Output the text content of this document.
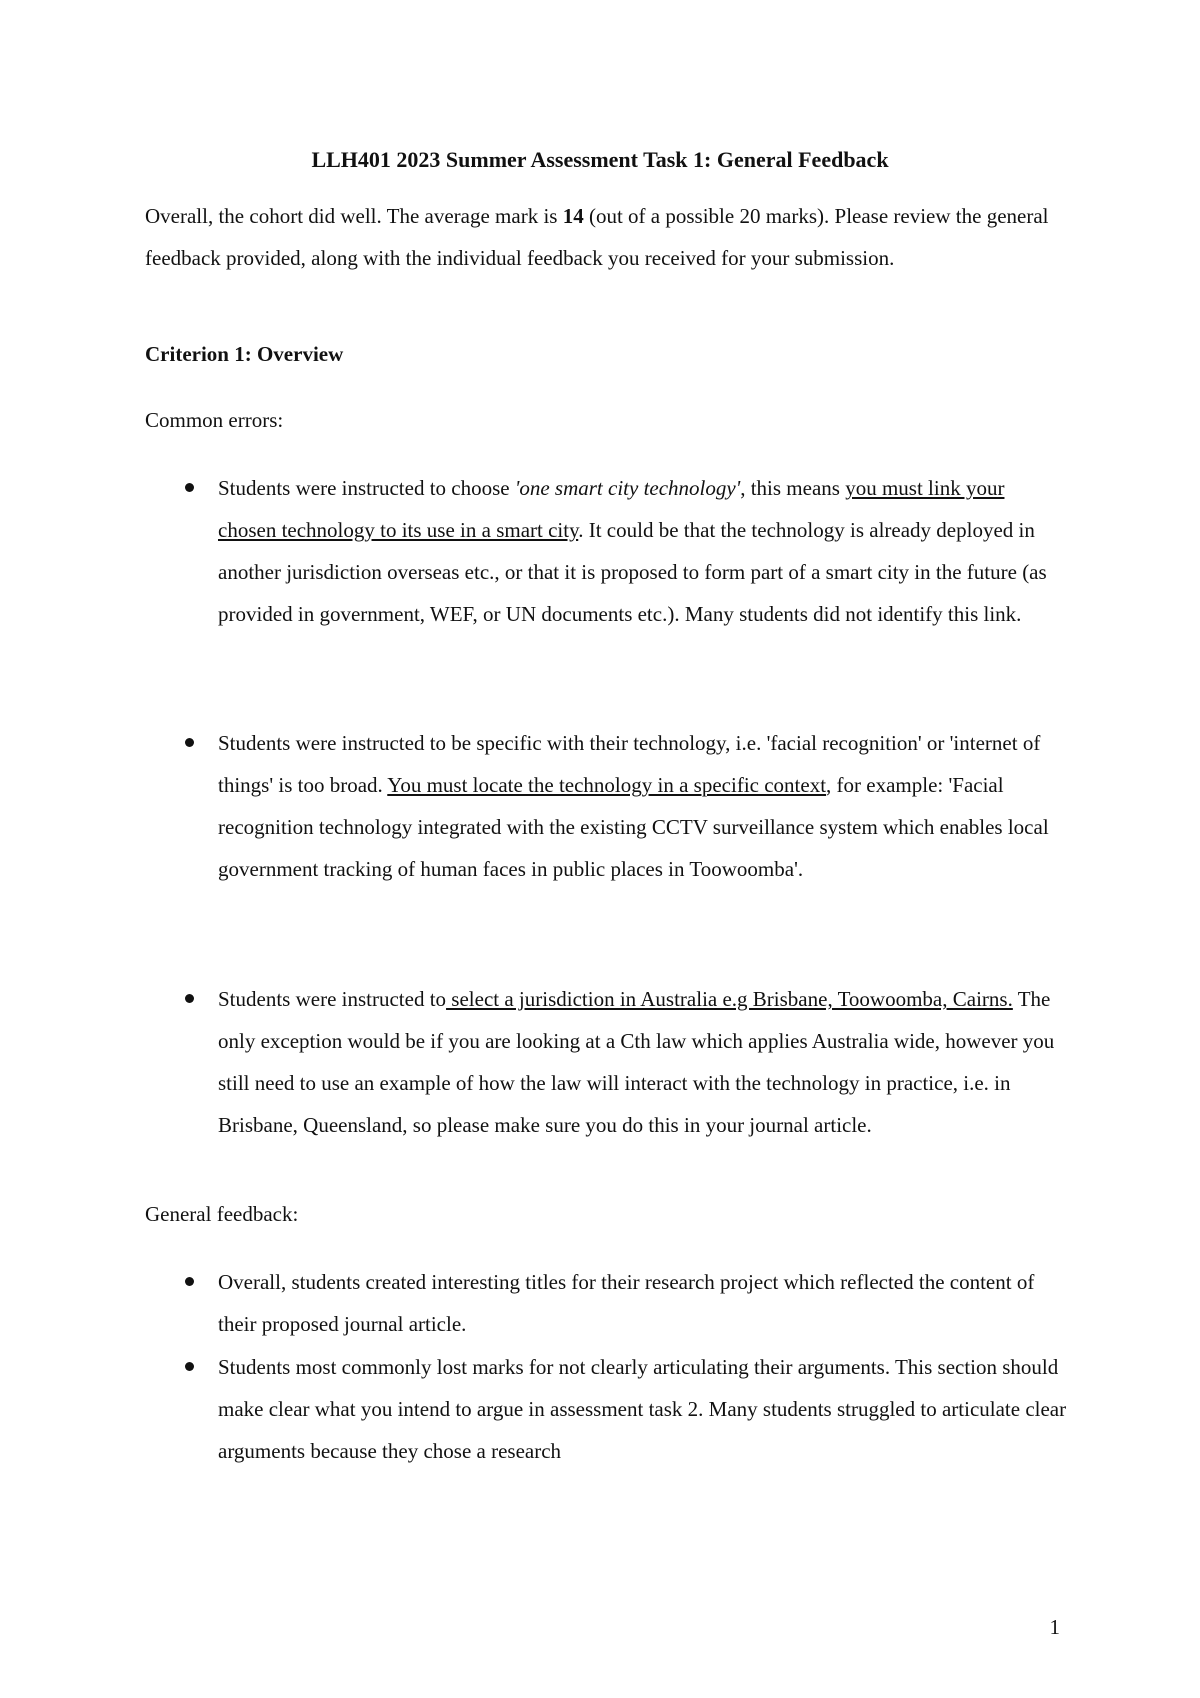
LLH401 2023 Summer Assessment Task 1: General Feedback

Overall, the cohort did well. The average mark is 14 (out of a possible 20 marks). Please review the general feedback provided, along with the individual feedback you received for your submission.

Criterion 1: Overview

Common errors:

Students were instructed to choose 'one smart city technology', this means you must link your chosen technology to its use in a smart city. It could be that the technology is already deployed in another jurisdiction overseas etc., or that it is proposed to form part of a smart city in the future (as provided in government, WEF, or UN documents etc.). Many students did not identify this link.

Students were instructed to be specific with their technology, i.e. 'facial recognition' or 'internet of things' is too broad. You must locate the technology in a specific context, for example: 'Facial recognition technology integrated with the existing CCTV surveillance system which enables local government tracking of human faces in public places in Toowoomba'.

Students were instructed to select a jurisdiction in Australia e.g Brisbane, Toowoomba, Cairns. The only exception would be if you are looking at a Cth law which applies Australia wide, however you still need to use an example of how the law will interact with the technology in practice, i.e. in Brisbane, Queensland, so please make sure you do this in your journal article.

General feedback:

Overall, students created interesting titles for their research project which reflected the content of their proposed journal article.

Students most commonly lost marks for not clearly articulating their arguments. This section should make clear what you intend to argue in assessment task 2. Many students struggled to articulate clear arguments because they chose a research

1
